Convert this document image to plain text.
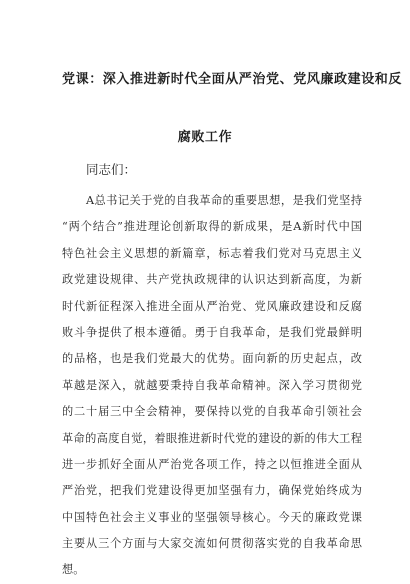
党课：深入推进新时代全面从严治党、党风廉政建设和反
腐败工作
同志们：
A总书记关于党的自我革命的重要思想，是我们党坚持
“两个结合”推进理论创新取得的新成果，是A新时代中国
特色社会主义思想的新篇章，标志着我们党对马克思主义
政党建设规律、共产党执政规律的认识达到新高度，为新
时代新征程深入推进全面从严治党、党风廉政建设和反腐
败斗争提供了根本遵循。勇于自我革命，是我们党最鲜明
的品格，也是我们党最大的优势。面向新的历史起点，改
革越是深入，就越要秉持自我革命精神。深入学习贯彻党
的二十届三中全会精神，要保持以党的自我革命引领社会
革命的高度自觉，着眼推进新时代党的建设的新的伟大工程
进一步抓好全面从严治党各项工作，持之以恒推进全面从
严治党，把我们党建设得更加坚强有力，确保党始终成为
中国特色社会主义事业的坚强领导核心。今天的廉政党课
主要从三个方面与大家交流如何贯彻落实党的自我革命思
想。
